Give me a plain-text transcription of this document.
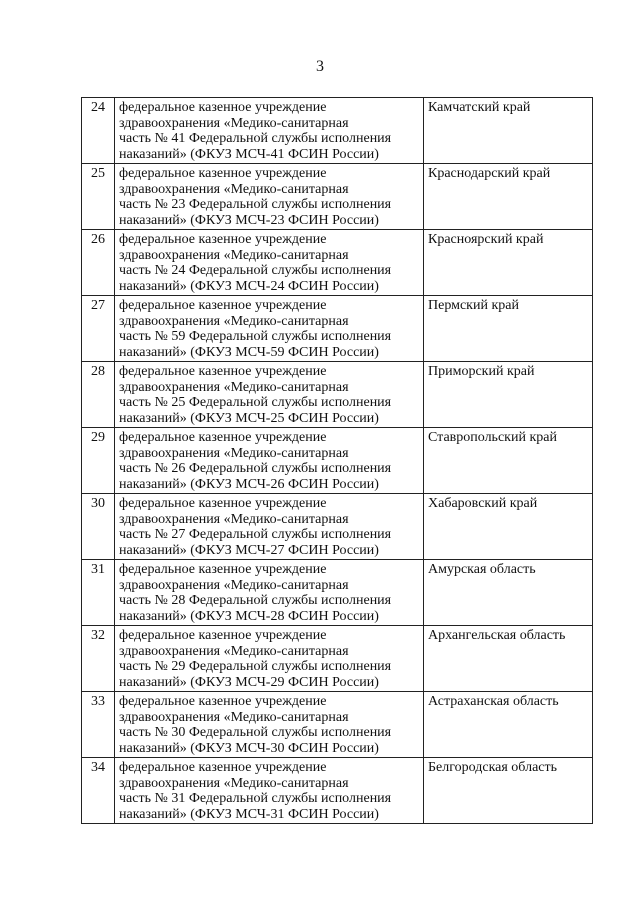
3
24	федеральное казенное учреждение
здравоохранения «Медико-санитарная
часть № 41 Федеральной службы исполнения
наказаний» (ФКУЗ МСЧ-41 ФСИН России)	Камчатский край
25	федеральное казенное учреждение
здравоохранения «Медико-санитарная
часть № 23 Федеральной службы исполнения
наказаний» (ФКУЗ МСЧ-23 ФСИН России)	Краснодарский край
26	федеральное казенное учреждение
здравоохранения «Медико-санитарная
часть № 24 Федеральной службы исполнения
наказаний» (ФКУЗ МСЧ-24 ФСИН России)	Красноярский край
27	федеральное казенное учреждение
здравоохранения «Медико-санитарная
часть № 59 Федеральной службы исполнения
наказаний» (ФКУЗ МСЧ-59 ФСИН России)	Пермский край
28	федеральное казенное учреждение
здравоохранения «Медико-санитарная
часть № 25 Федеральной службы исполнения
наказаний» (ФКУЗ МСЧ-25 ФСИН России)	Приморский край
29	федеральное казенное учреждение
здравоохранения «Медико-санитарная
часть № 26 Федеральной службы исполнения
наказаний» (ФКУЗ МСЧ-26 ФСИН России)	Ставропольский край
30	федеральное казенное учреждение
здравоохранения «Медико-санитарная
часть № 27 Федеральной службы исполнения
наказаний» (ФКУЗ МСЧ-27 ФСИН России)	Хабаровский край
31	федеральное казенное учреждение
здравоохранения «Медико-санитарная
часть № 28 Федеральной службы исполнения
наказаний» (ФКУЗ МСЧ-28 ФСИН России)	Амурская область
32	федеральное казенное учреждение
здравоохранения «Медико-санитарная
часть № 29 Федеральной службы исполнения
наказаний» (ФКУЗ МСЧ-29 ФСИН России)	Архангельская область
33	федеральное казенное учреждение
здравоохранения «Медико-санитарная
часть № 30 Федеральной службы исполнения
наказаний» (ФКУЗ МСЧ-30 ФСИН России)	Астраханская область
34	федеральное казенное учреждение
здравоохранения «Медико-санитарная
часть № 31 Федеральной службы исполнения
наказаний» (ФКУЗ МСЧ-31 ФСИН России)	Белгородская область
